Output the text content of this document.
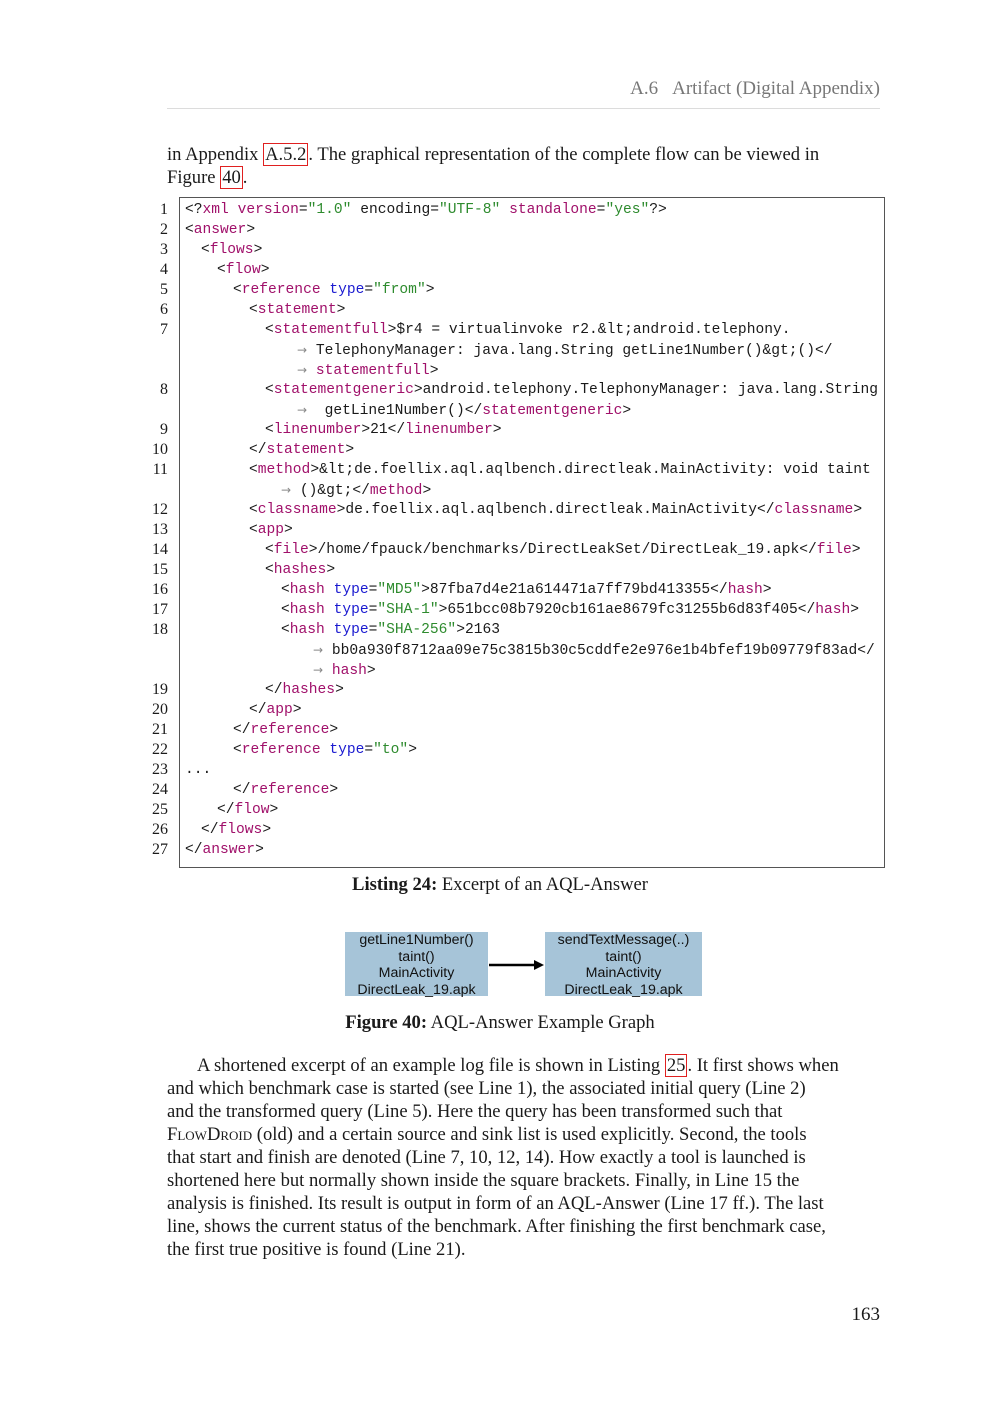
A.6 Artifact (Digital Appendix)
in Appendix A.5.2 . The graphical representation of the complete flow can be viewed in
Figure 40 .
1
2
3
4
5
6
7
8
9
10
11
12
13
14
15
16
17
18
19
20
21
22
23
24
25
26
27
<?xml version="1.0" encoding="UTF-8" standalone="yes"?>
<answer>
<flows>
<flow>
<reference type="from">
<statement>
<statementfull>$r4 = virtualinvoke r2.&lt;android.telephony.
→ TelephonyManager: java.lang.String getLine1Number()&gt;()</
→ statementfull>
<statementgeneric>android.telephony.TelephonyManager: java.lang.String
→  getLine1Number()</statementgeneric>
<linenumber>21</linenumber>
</statement>
<method>&lt;de.foellix.aql.aqlbench.directleak.MainActivity: void taint
→ ()&gt;</method>
<classname>de.foellix.aql.aqlbench.directleak.MainActivity</classname>
<app>
<file>/home/fpauck/benchmarks/DirectLeakSet/DirectLeak_19.apk</file>
<hashes>
<hash type="MD5">87fba7d4e21a614471a7ff79bd413355</hash>
<hash type="SHA-1">651bcc08b7920cb161ae8679fc31255b6d83f405</hash>
<hash type="SHA-256">2163
→ bb0a930f8712aa09e75c3815b30c5cddfe2e976e1b4bfef19b09779f83ad</
→ hash>
</hashes>
</app>
</reference>
<reference type="to">
...
</reference>
</flow>
</flows>
</answer>
Listing 24: Excerpt of an AQL-Answer
getLine1Number()
taint()
MainActivity
DirectLeak_19.apk
sendTextMessage(..)
taint()
MainActivity
DirectLeak_19.apk
Figure 40: AQL-Answer Example Graph
A shortened excerpt of an example log file is shown in Listing 25 . It first shows when
and which benchmark case is started (see Line 1), the associated initial query (Line 2)
and the transformed query (Line 5). Here the query has been transformed such that
FlowDroid (old) and a certain source and sink list is used explicitly. Second, the tools
that start and finish are denoted (Line 7, 10, 12, 14). How exactly a tool is launched is
shortened here but normally shown inside the square brackets. Finally, in Line 15 the
analysis is finished. Its result is output in form of an AQL-Answer (Line 17 ff.). The last
line, shows the current status of the benchmark. After finishing the first benchmark case,
the first true positive is found (Line 21).
163
